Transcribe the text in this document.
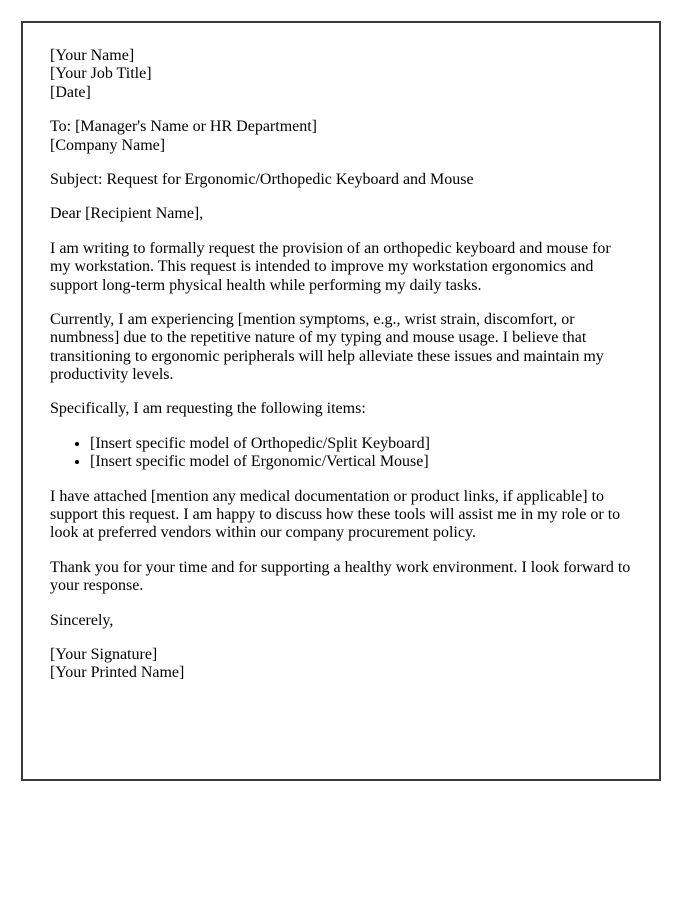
[Your Name]
[Your Job Title]
[Date]

To: [Manager's Name or HR Department]
[Company Name]

Subject: Request for Ergonomic/Orthopedic Keyboard and Mouse

Dear [Recipient Name],

I am writing to formally request the provision of an orthopedic keyboard and mouse for my workstation. This request is intended to improve my workstation ergonomics and support long-term physical health while performing my daily tasks.

Currently, I am experiencing [mention symptoms, e.g., wrist strain, discomfort, or numbness] due to the repetitive nature of my typing and mouse usage. I believe that transitioning to ergonomic peripherals will help alleviate these issues and maintain my productivity levels.

Specifically, I am requesting the following items:

• [Insert specific model of Orthopedic/Split Keyboard]
• [Insert specific model of Ergonomic/Vertical Mouse]

I have attached [mention any medical documentation or product links, if applicable] to support this request. I am happy to discuss how these tools will assist me in my role or to look at preferred vendors within our company procurement policy.

Thank you for your time and for supporting a healthy work environment. I look forward to your response.

Sincerely,

[Your Signature]
[Your Printed Name]
